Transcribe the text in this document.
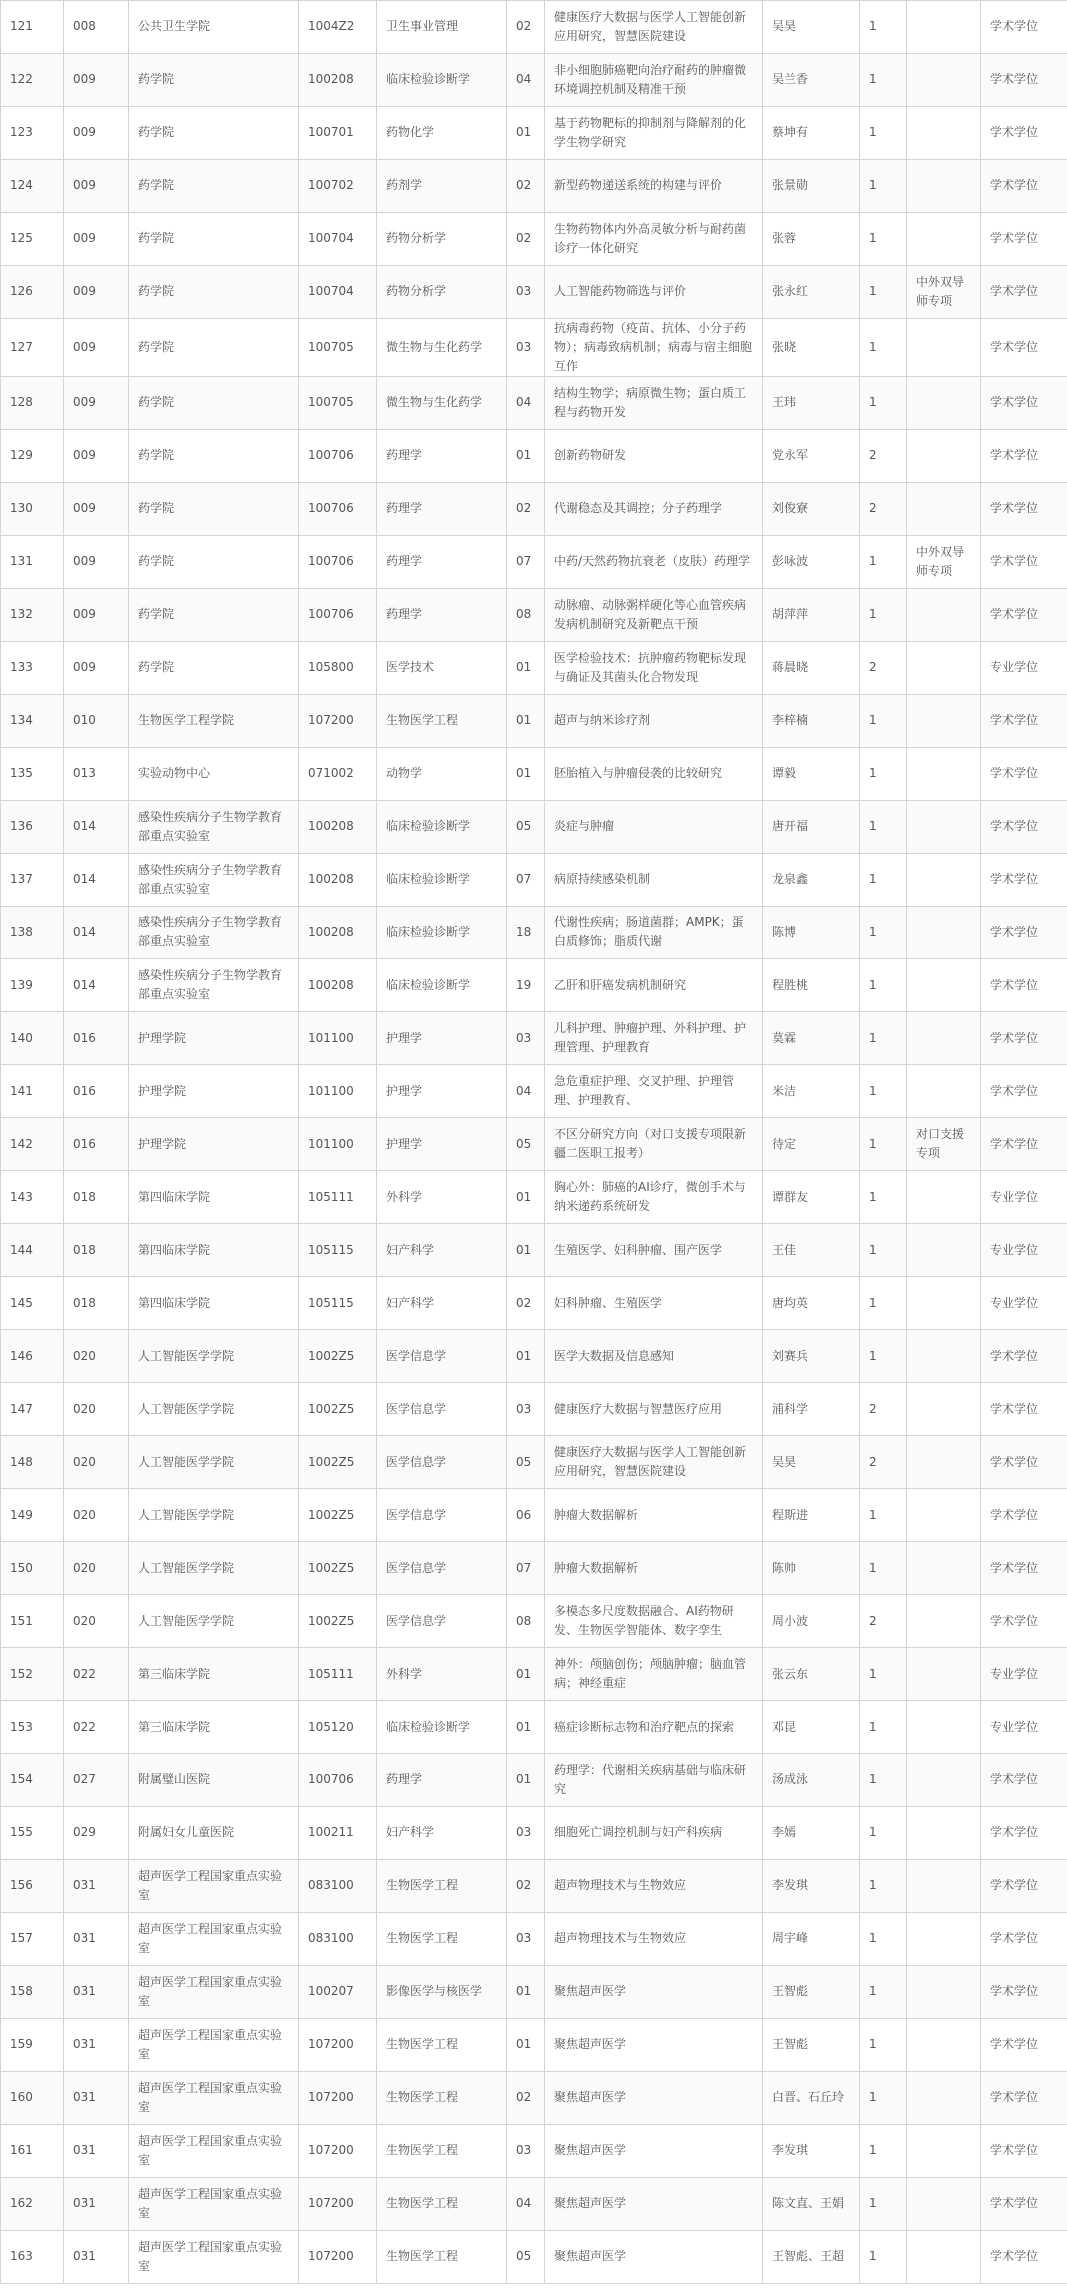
121	008	公共卫生学院	1004Z2	卫生事业管理	02	健康医疗大数据与医学人工智能创新应用研究，智慧医院建设	吴昊	1		学术学位
122	009	药学院	100208	临床检验诊断学	04	非小细胞肺癌靶向治疗耐药的肿瘤微环境调控机制及精准干预	吴兰香	1		学术学位
123	009	药学院	100701	药物化学	01	基于药物靶标的抑制剂与降解剂的化学生物学研究	蔡坤有	1		学术学位
124	009	药学院	100702	药剂学	02	新型药物递送系统的构建与评价	张景勋	1		学术学位
125	009	药学院	100704	药物分析学	02	生物药物体内外高灵敏分析与耐药菌诊疗一体化研究	张蓉	1		学术学位
126	009	药学院	100704	药物分析学	03	人工智能药物筛选与评价	张永红	1	中外双导师专项	学术学位
127	009	药学院	100705	微生物与生化药学	03	抗病毒药物（疫苗、抗体、小分子药物）；病毒致病机制；病毒与宿主细胞互作	张晓	1		学术学位
128	009	药学院	100705	微生物与生化药学	04	结构生物学；病原微生物；蛋白质工程与药物开发	王玮	1		学术学位
129	009	药学院	100706	药理学	01	创新药物研发	党永军	2		学术学位
130	009	药学院	100706	药理学	02	代谢稳态及其调控；分子药理学	刘俊寮	2		学术学位
131	009	药学院	100706	药理学	07	中药/天然药物抗衰老（皮肤）药理学	彭咏波	1	中外双导师专项	学术学位
132	009	药学院	100706	药理学	08	动脉瘤、动脉粥样硬化等心血管疾病发病机制研究及新靶点干预	胡萍萍	1		学术学位
133	009	药学院	105800	医学技术	01	医学检验技术：抗肿瘤药物靶标发现与确证及其菌头化合物发现	蒋晨晓	2		专业学位
134	010	生物医学工程学院	107200	生物医学工程	01	超声与纳米诊疗剂	李梓楠	1		学术学位
135	013	实验动物中心	071002	动物学	01	胚胎植入与肿瘤侵袭的比较研究	谭毅	1		学术学位
136	014	感染性疾病分子生物学教育部重点实验室	100208	临床检验诊断学	05	炎症与肿瘤	唐开福	1		学术学位
137	014	感染性疾病分子生物学教育部重点实验室	100208	临床检验诊断学	07	病原持续感染机制	龙泉鑫	1		学术学位
138	014	感染性疾病分子生物学教育部重点实验室	100208	临床检验诊断学	18	代谢性疾病；肠道菌群；AMPK；蛋白质修饰；脂质代谢	陈博	1		学术学位
139	014	感染性疾病分子生物学教育部重点实验室	100208	临床检验诊断学	19	乙肝和肝癌发病机制研究	程胜桃	1		学术学位
140	016	护理学院	101100	护理学	03	儿科护理、肿瘤护理、外科护理、护理管理、护理教育	莫霖	1		学术学位
141	016	护理学院	101100	护理学	04	急危重症护理、交叉护理、护理管理、护理教育、	米洁	1		学术学位
142	016	护理学院	101100	护理学	05	不区分研究方向（对口支援专项限新疆二医职工报考）	待定	1	对口支援专项	学术学位
143	018	第四临床学院	105111	外科学	01	胸心外：肺癌的AI诊疗，微创手术与纳米递药系统研发	谭群友	1		专业学位
144	018	第四临床学院	105115	妇产科学	01	生殖医学、妇科肿瘤、围产医学	王佳	1		专业学位
145	018	第四临床学院	105115	妇产科学	02	妇科肿瘤、生殖医学	唐均英	1		专业学位
146	020	人工智能医学学院	1002Z5	医学信息学	01	医学大数据及信息感知	刘赛兵	1		学术学位
147	020	人工智能医学学院	1002Z5	医学信息学	03	健康医疗大数据与智慧医疗应用	浦科学	2		学术学位
148	020	人工智能医学学院	1002Z5	医学信息学	05	健康医疗大数据与医学人工智能创新应用研究，智慧医院建设	吴昊	2		学术学位
149	020	人工智能医学学院	1002Z5	医学信息学	06	肿瘤大数据解析	程斯进	1		学术学位
150	020	人工智能医学学院	1002Z5	医学信息学	07	肿瘤大数据解析	陈帅	1		学术学位
151	020	人工智能医学学院	1002Z5	医学信息学	08	多模态多尺度数据融合、AI药物研发、生物医学智能体、数字孪生	周小波	2		学术学位
152	022	第三临床学院	105111	外科学	01	神外：颅脑创伤；颅脑肿瘤；脑血管病；神经重症	张云东	1		专业学位
153	022	第三临床学院	105120	临床检验诊断学	01	癌症诊断标志物和治疗靶点的探索	邓昆	1		专业学位
154	027	附属璧山医院	100706	药理学	01	药理学：代谢相关疾病基础与临床研究	汤成泳	1		学术学位
155	029	附属妇女儿童医院	100211	妇产科学	03	细胞死亡调控机制与妇产科疾病	李嫣	1		学术学位
156	031	超声医学工程国家重点实验室	083100	生物医学工程	02	超声物理技术与生物效应	李发琪	1		学术学位
157	031	超声医学工程国家重点实验室	083100	生物医学工程	03	超声物理技术与生物效应	周宇峰	1		学术学位
158	031	超声医学工程国家重点实验室	100207	影像医学与核医学	01	聚焦超声医学	王智彪	1		学术学位
159	031	超声医学工程国家重点实验室	107200	生物医学工程	01	聚焦超声医学	王智彪	1		学术学位
160	031	超声医学工程国家重点实验室	107200	生物医学工程	02	聚焦超声医学	白晋、石丘玲	1		学术学位
161	031	超声医学工程国家重点实验室	107200	生物医学工程	03	聚焦超声医学	李发琪	1		学术学位
162	031	超声医学工程国家重点实验室	107200	生物医学工程	04	聚焦超声医学	陈文直、王娟	1		学术学位
163	031	超声医学工程国家重点实验室	107200	生物医学工程	05	聚焦超声医学	王智彪、王超	1		学术学位
